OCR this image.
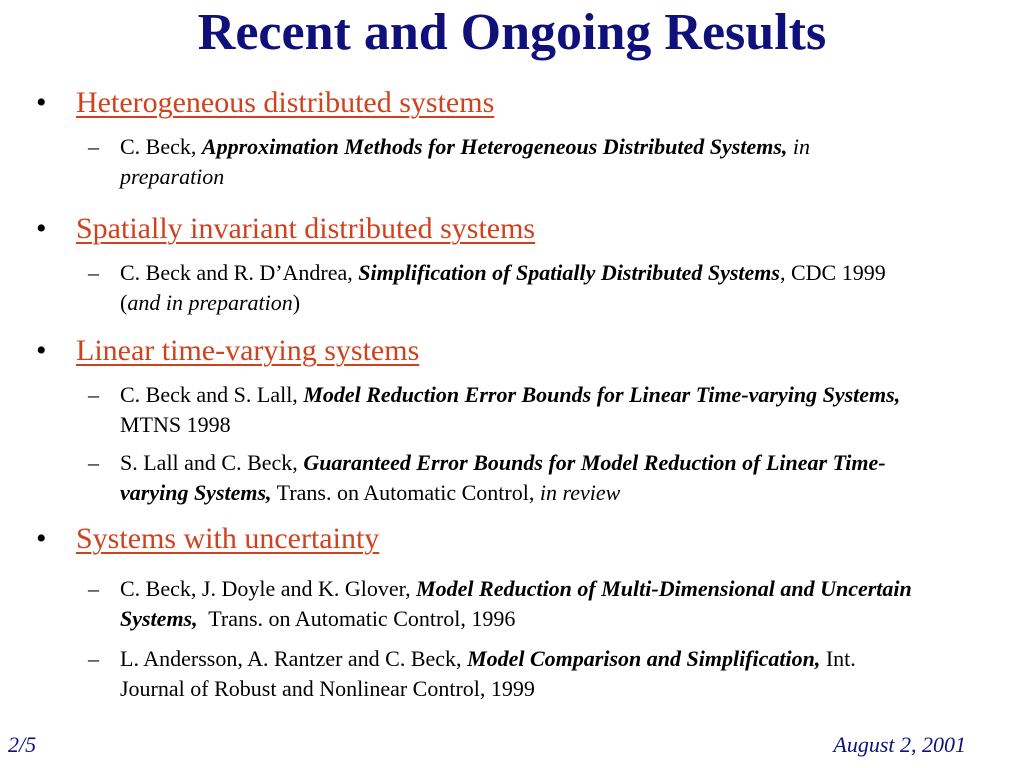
Recent and Ongoing Results
• Heterogeneous distributed systems
– C. Beck, Approximation Methods for Heterogeneous Distributed Systems, in preparation
• Spatially invariant distributed systems
– C. Beck and R. D’Andrea, Simplification of Spatially Distributed Systems, CDC 1999 (and in preparation)
• Linear time-varying systems
– C. Beck and S. Lall, Model Reduction Error Bounds for Linear Time-varying Systems, MTNS 1998
– S. Lall and C. Beck, Guaranteed Error Bounds for Model Reduction of Linear Time-varying Systems, Trans. on Automatic Control, in review
• Systems with uncertainty
– C. Beck, J. Doyle and K. Glover, Model Reduction of Multi-Dimensional and Uncertain Systems,  Trans. on Automatic Control, 1996
– L. Andersson, A. Rantzer and C. Beck, Model Comparison and Simplification, Int. Journal of Robust and Nonlinear Control, 1999
2/5	August 2, 2001
